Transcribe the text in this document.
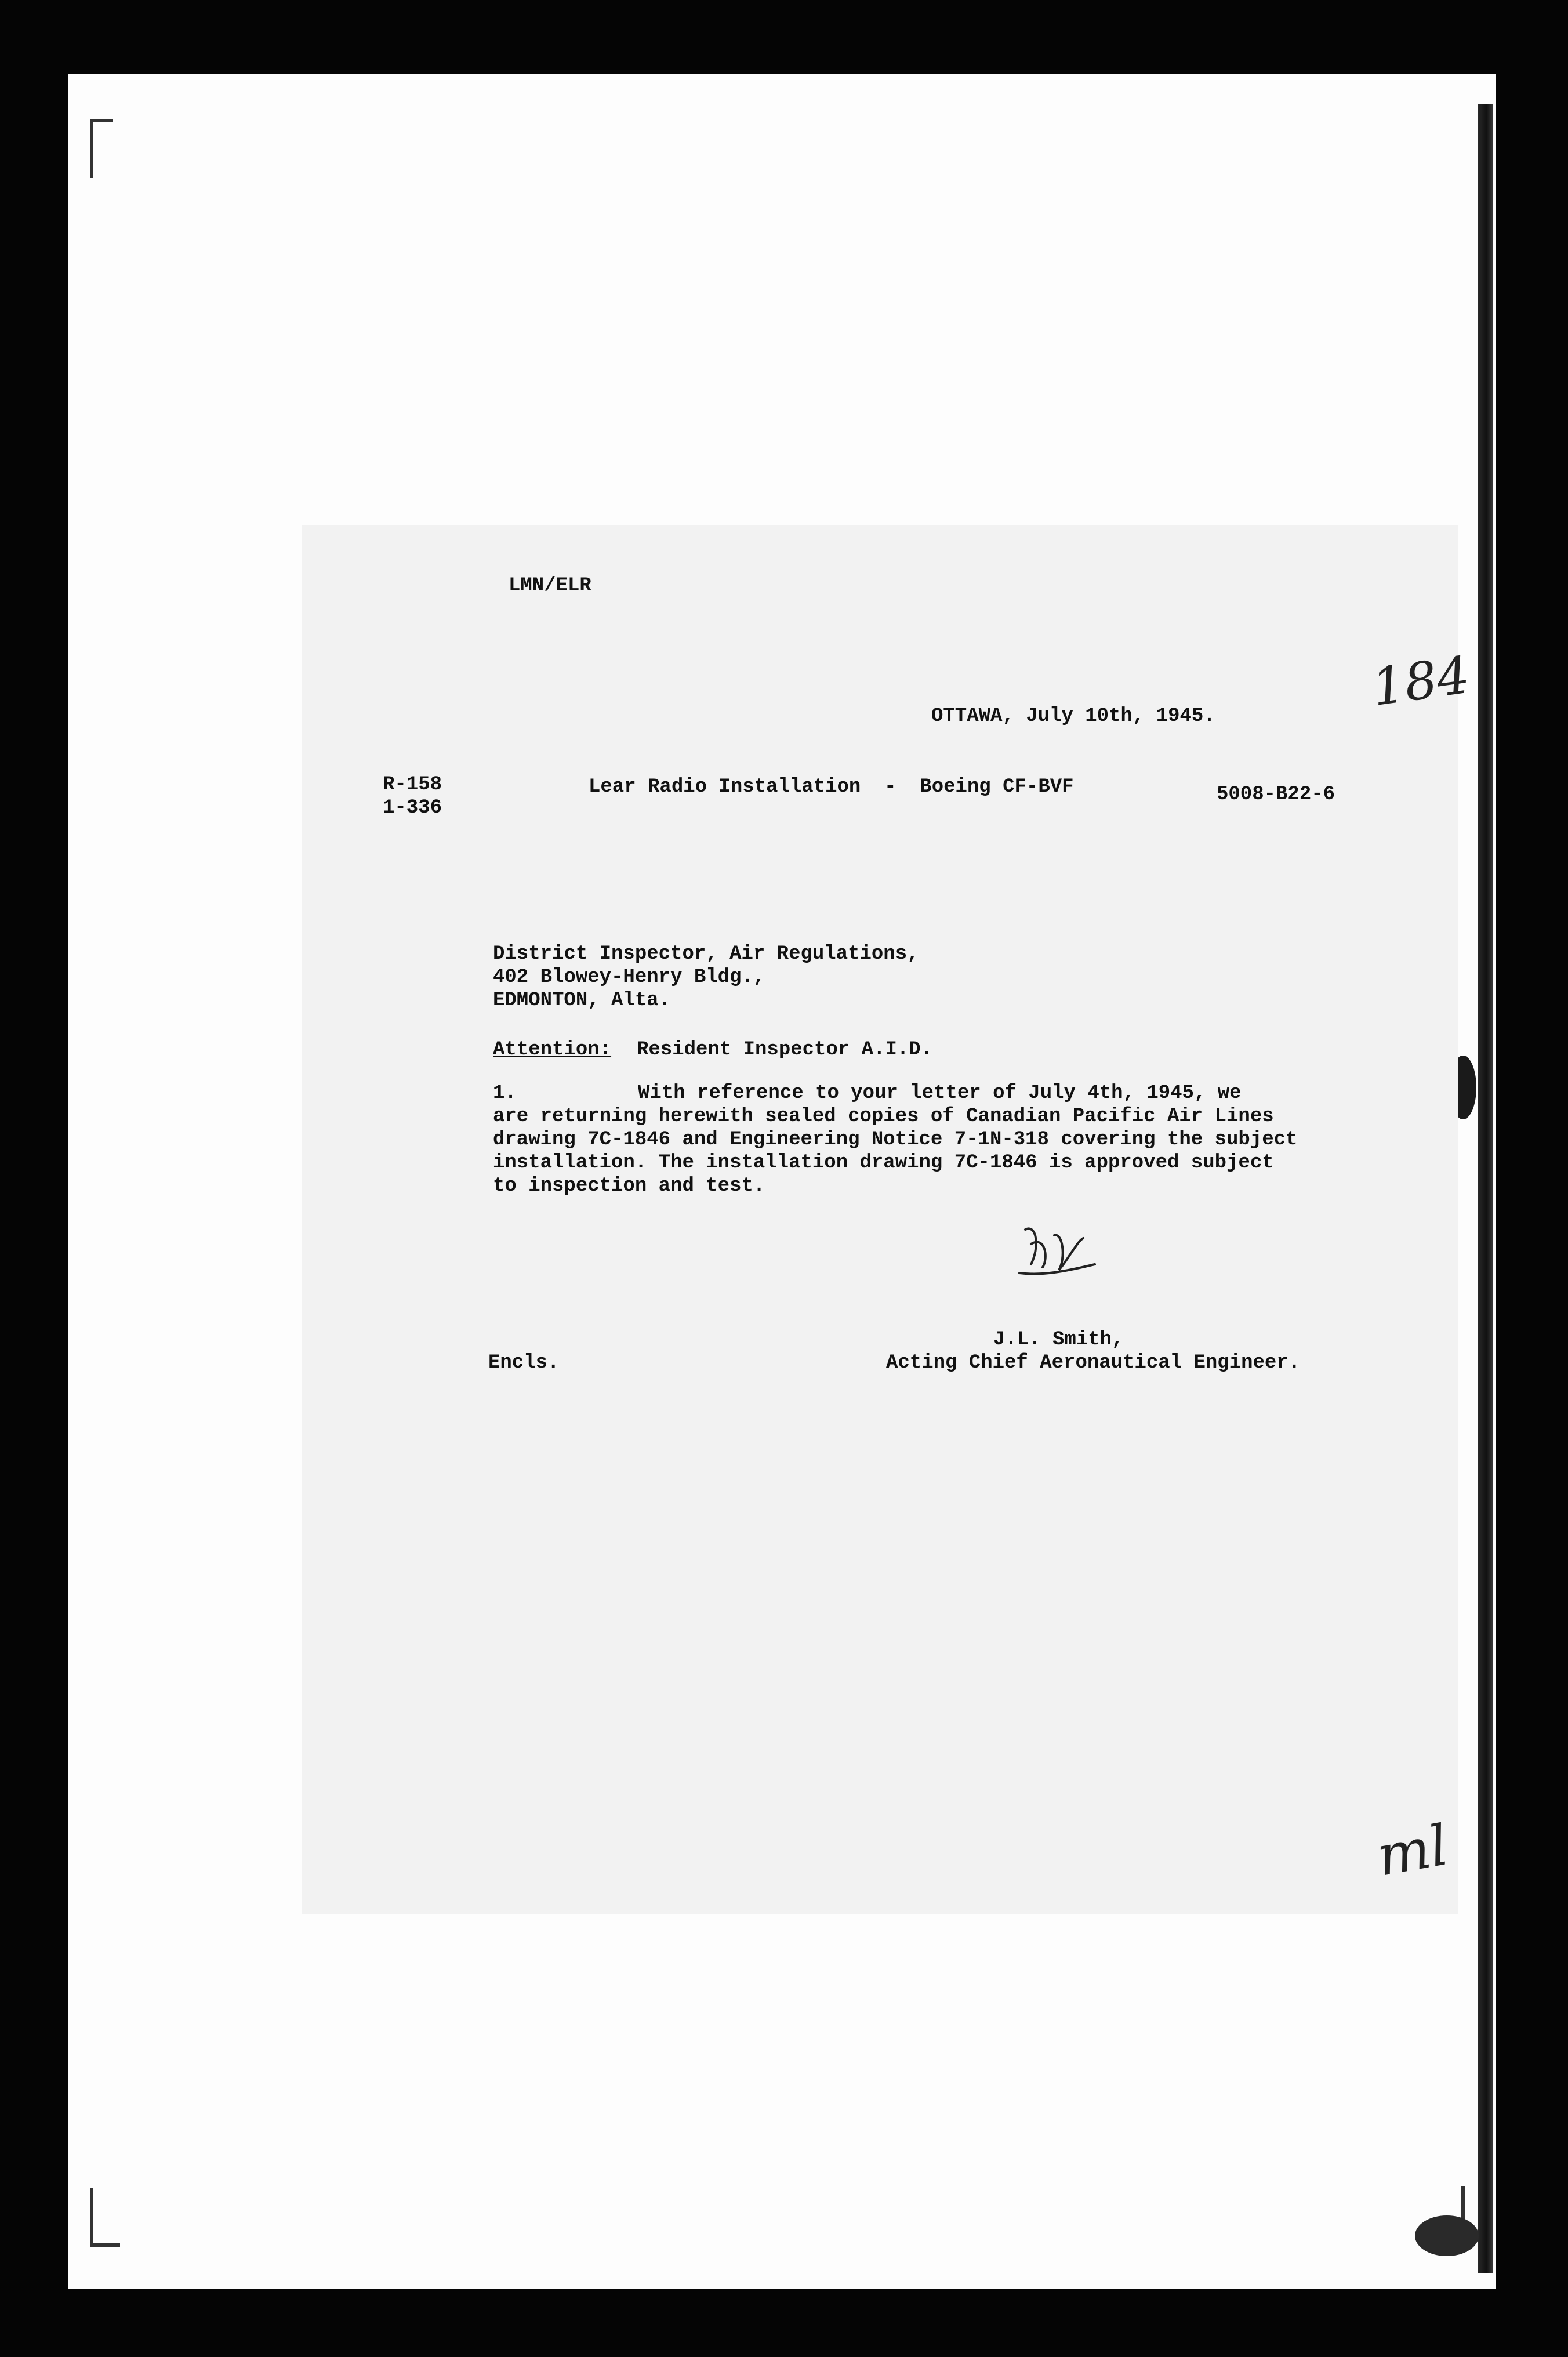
LMN/ELR
184
OTTAWA, July 10th, 1945.
R-158
1-336
Lear Radio Installation  -  Boeing CF-BVF	5008-B22-6
District Inspector, Air Regulations,
402 Blowey-Henry Bldg.,
EDMONTON, Alta.
Attention: Resident Inspector A.I.D.
1.	With reference to your letter of July 4th, 1945, we
are returning herewith sealed copies of Canadian Pacific Air Lines
drawing 7C-1846 and Engineering Notice 7-1N-318 covering the subject
installation. The installation drawing 7C-1846 is approved subject
to inspection and test.
J.L. Smith,
Encls.	Acting Chief Aeronautical Engineer.
ml
